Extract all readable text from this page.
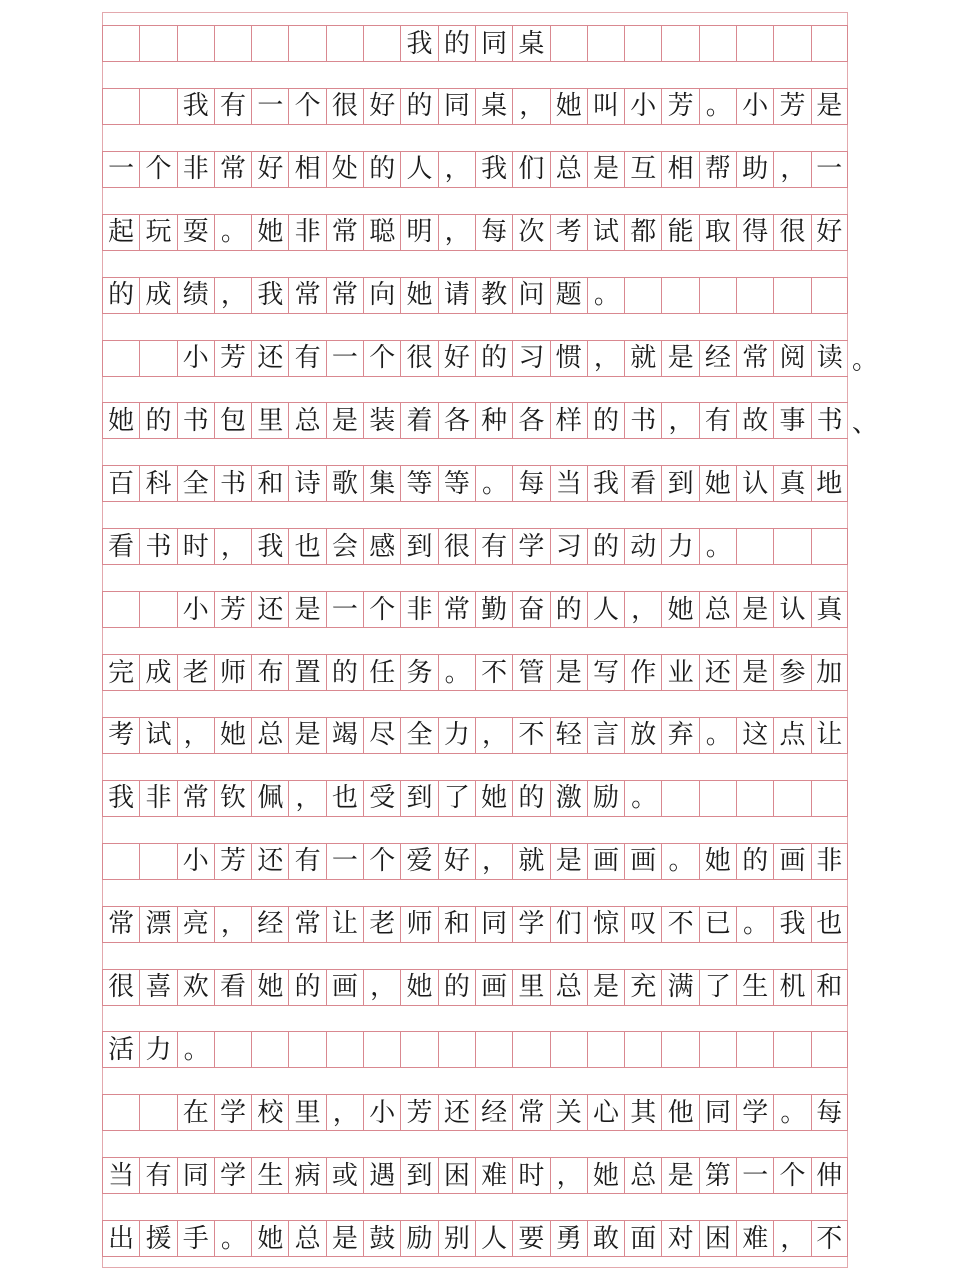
我 的 同 桌
我 有 一 个 很 好 的 同 桌 ， 她 叫 小 芳 。 小 芳 是
一 个 非 常 好 相 处 的 人 ， 我 们 总 是 互 相 帮 助 ， 一
起 玩 耍 。 她 非 常 聪 明 ， 每 次 考 试 都 能 取 得 很 好
的 成 绩 ， 我 常 常 向 她 请 教 问 题 。
小 芳 还 有 一 个 很 好 的 习 惯 ， 就 是 经 常 阅 读 。
她 的 书 包 里 总 是 装 着 各 种 各 样 的 书 ， 有 故 事 书 、
百 科 全 书 和 诗 歌 集 等 等 。 每 当 我 看 到 她 认 真 地
看 书 时 ， 我 也 会 感 到 很 有 学 习 的 动 力 。
小 芳 还 是 一 个 非 常 勤 奋 的 人 ， 她 总 是 认 真
完 成 老 师 布 置 的 任 务 。 不 管 是 写 作 业 还 是 参 加
考 试 ， 她 总 是 竭 尽 全 力 ， 不 轻 言 放 弃 。 这 点 让
我 非 常 钦 佩 ， 也 受 到 了 她 的 激 励 。
小 芳 还 有 一 个 爱 好 ， 就 是 画 画 。 她 的 画 非
常 漂 亮 ， 经 常 让 老 师 和 同 学 们 惊 叹 不 已 。 我 也
很 喜 欢 看 她 的 画 ， 她 的 画 里 总 是 充 满 了 生 机 和
活 力 。
在 学 校 里 ， 小 芳 还 经 常 关 心 其 他 同 学 。 每
当 有 同 学 生 病 或 遇 到 困 难 时 ， 她 总 是 第 一 个 伸
出 援 手 。 她 总 是 鼓 励 别 人 要 勇 敢 面 对 困 难 ， 不
